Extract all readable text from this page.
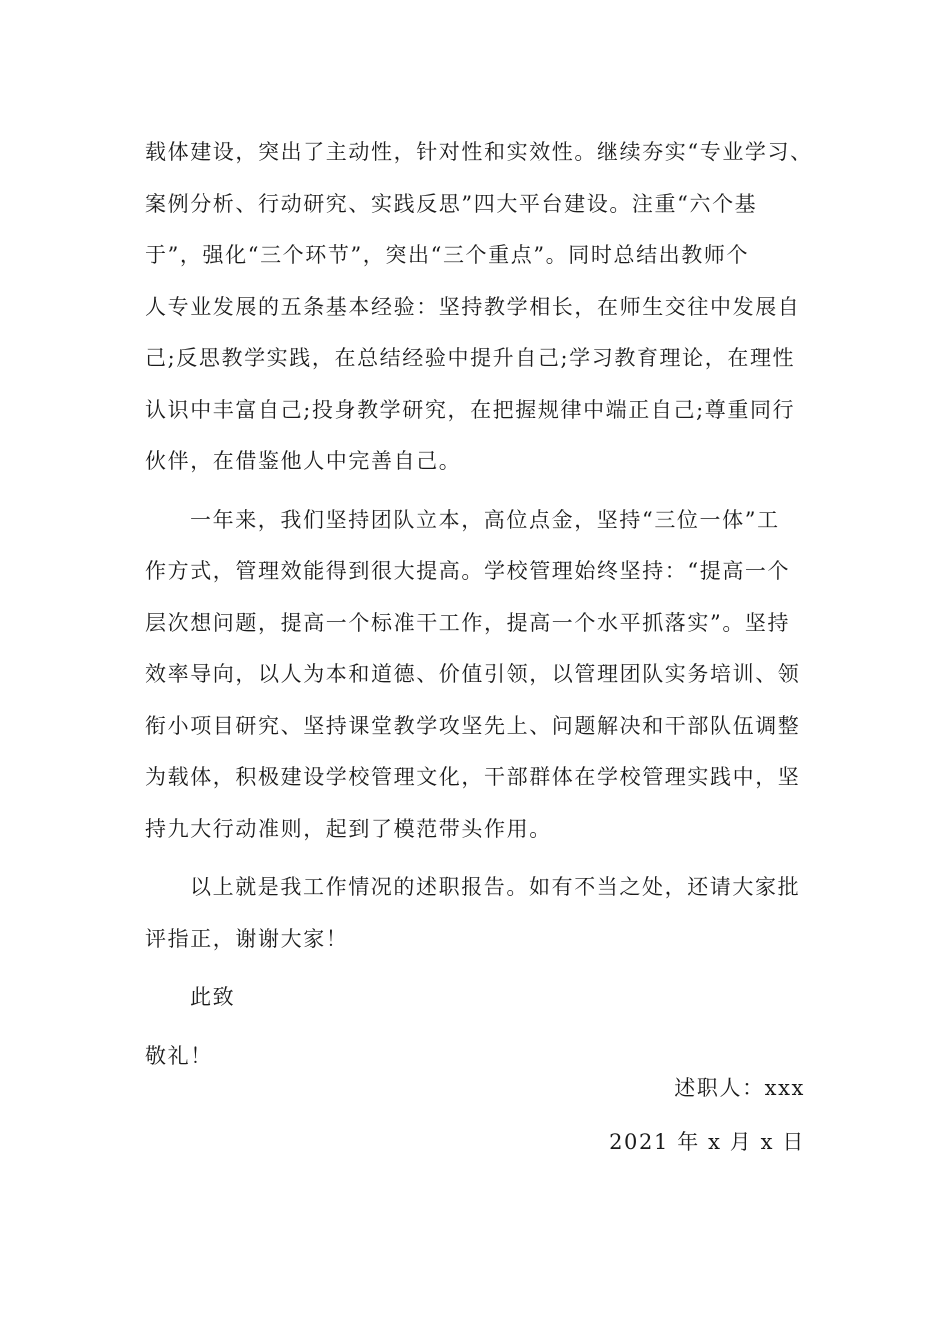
载体建设，突出了主动性，针对性和实效性。继续夯实“专业学习、
案例分析、行动研究、实践反思”四大平台建设。注重“六个基
于”，强化“三个环节”，突出“三个重点”。同时总结出教师个
人专业发展的五条基本经验：坚持教学相长，在师生交往中发展自
己;反思教学实践，在总结经验中提升自己;学习教育理论，在理性
认识中丰富自己;投身教学研究，在把握规律中端正自己;尊重同行
伙伴，在借鉴他人中完善自己。
一年来，我们坚持团队立本，高位点金，坚持“三位一体”工
作方式，管理效能得到很大提高。学校管理始终坚持：“提高一个
层次想问题，提高一个标准干工作，提高一个水平抓落实”。坚持
效率导向，以人为本和道德、价值引领，以管理团队实务培训、领
衔小项目研究、坚持课堂教学攻坚先上、问题解决和干部队伍调整
为载体，积极建设学校管理文化，干部群体在学校管理实践中，坚
持九大行动准则，起到了模范带头作用。
以上就是我工作情况的述职报告。如有不当之处，还请大家批
评指正，谢谢大家！
此致
敬礼！
述职人：xxx
2021 年 x 月 x 日
